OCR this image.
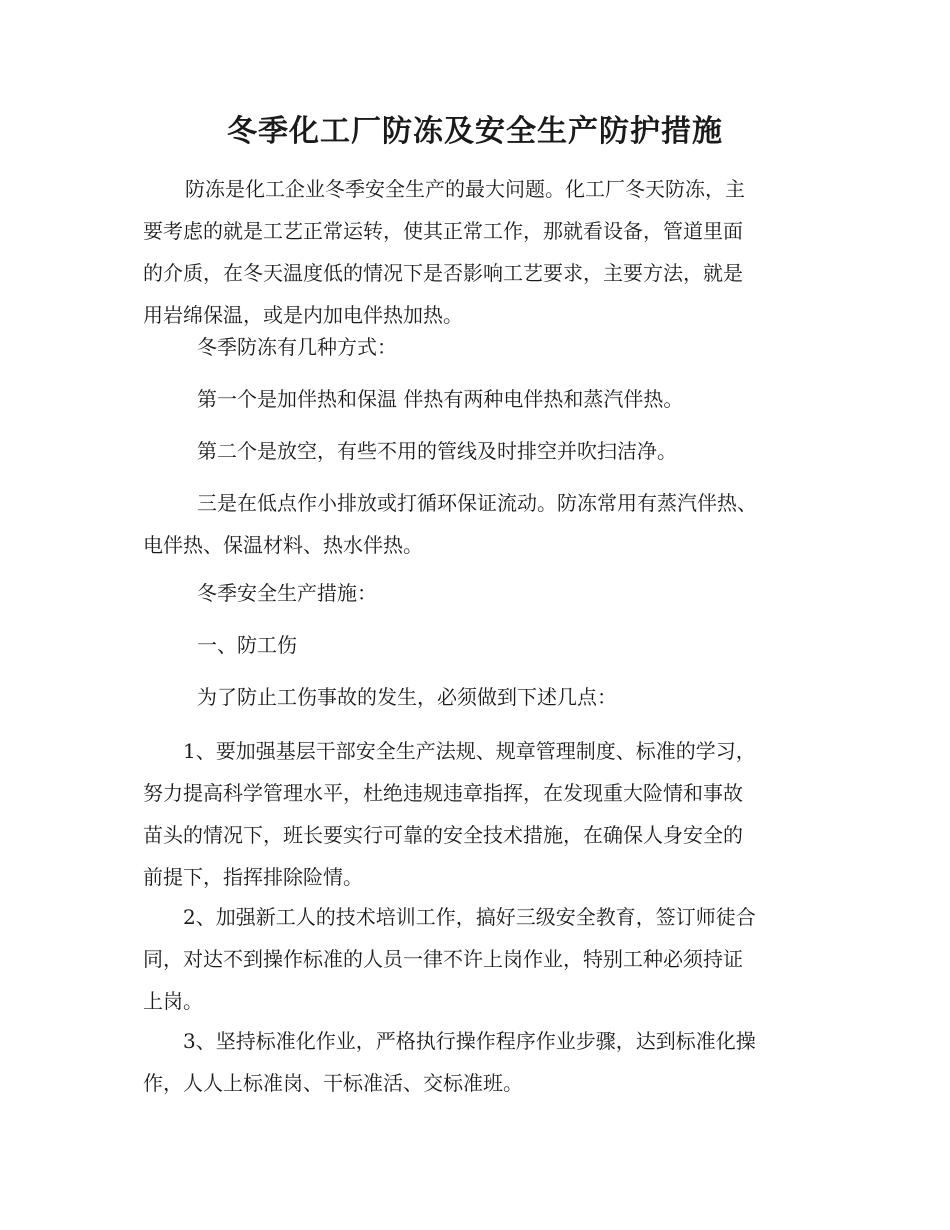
冬季化工厂防冻及安全生产防护措施
防冻是化工企业冬季安全生产的最大问题。化工厂冬天防冻，主
要考虑的就是工艺正常运转，使其正常工作，那就看设备，管道里面
的介质，在冬天温度低的情况下是否影响工艺要求，主要方法，就是
用岩绵保温，或是内加电伴热加热。
冬季防冻有几种方式：
第一个是加伴热和保温 伴热有两种电伴热和蒸汽伴热。
第二个是放空，有些不用的管线及时排空并吹扫洁净。
三是在低点作小排放或打循环保证流动。防冻常用有蒸汽伴热、
电伴热、保温材料、热水伴热。
冬季安全生产措施：
一、防工伤
为了防止工伤事故的发生，必须做到下述几点：
1、要加强基层干部安全生产法规、规章管理制度、标准的学习，
努力提高科学管理水平，杜绝违规违章指挥，在发现重大险情和事故
苗头的情况下，班长要实行可靠的安全技术措施，在确保人身安全的
前提下，指挥排除险情。
2、加强新工人的技术培训工作，搞好三级安全教育，签订师徒合
同，对达不到操作标准的人员一律不许上岗作业，特别工种必须持证
上岗。
3、坚持标准化作业，严格执行操作程序作业步骤，达到标准化操
作，人人上标准岗、干标准活、交标准班。
